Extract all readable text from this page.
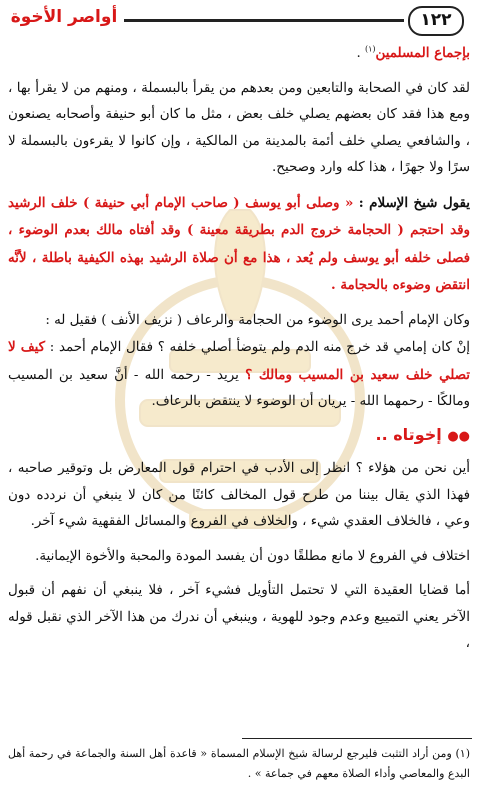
١٢٢
أواصر الأخوة

بإجماع المسلمين$^{(١)}$ .

لقد كان في الصحابة والتابعين ومن بعدهم من يقرأ بالبسملة ، ومنهم من لا يقرأ بها ، ومع هذا فقد كان بعضهم يصلي خلف بعض ، مثل ما كان أبو حنيفة وأصحابه يصنعون ، والشافعي يصلي خلف أئمة بالمدينة من المالكية ، وإن كانوا لا يقرءون بالبسملة لا سرًا ولا جهرًا ، هذا كله وارد وصحيح.

يقول شيخ الإسلام : « وصلى أبو يوسف ( صاحب الإمام أبي حنيفة ) خلف الرشيد وقد احتجم ( الحجامة خروج الدم بطريقة معينة ) وقد أفتاه مالك بعدم الوضوء ، فصلى خلفه أبو يوسف ولم يُعد ، هذا مع أن صلاة الرشيد بهذه الكيفية باطلة ، لأنَّه انتقض وضوءه بالحجامة .

وكان الإمام أحمد يرى الوضوء من الحجامة والرعاف ( نزيف الأنف ) فقيل له :

إنْ كان إمامي قد خرج منه الدم ولم يتوضأ أصلي خلفه ؟ فقال الإمام أحمد : كيف لا تصلي خلف سعيد بن المسيب ومالك ؟ يريد - رحمه الله - أنَّ سعيد بن المسيب ومالكًا - رحمهما الله - يريان أن الوضوء لا ينتقض بالرعاف.

●● إخوتاه ..

أين نحن من هؤلاء ؟ انظر إلى الأدب في احترام قول المعارض بل وتوقير صاحبه ، فهذا الذي يقال بيننا من طرح قول المخالف كائنًا من كان لا ينبغي أن نردده دون وعي ، فالخلاف العقدي شيء ، والخلاف في الفروع والمسائل الفقهية شيء آخر.

اختلاف في الفروع لا مانع مطلقًا دون أن يفسد المودة والمحبة والأخوة الإيمانية.

أما قضايا العقيدة التي لا تحتمل التأويل فشيء آخر ، فلا ينبغي أن نفهم أن قبول الآخر يعني التمييع وعدم وجود للهوية ، وينبغي أن ندرك من هذا الآخر الذي نقبل قوله ،

(١) ومن أراد التثبت فليرجع لرسالة شيخ الإسلام المسماة « قاعدة أهل السنة والجماعة في رحمة أهل البدع والمعاصي وأداء الصلاة معهم في جماعة » .
